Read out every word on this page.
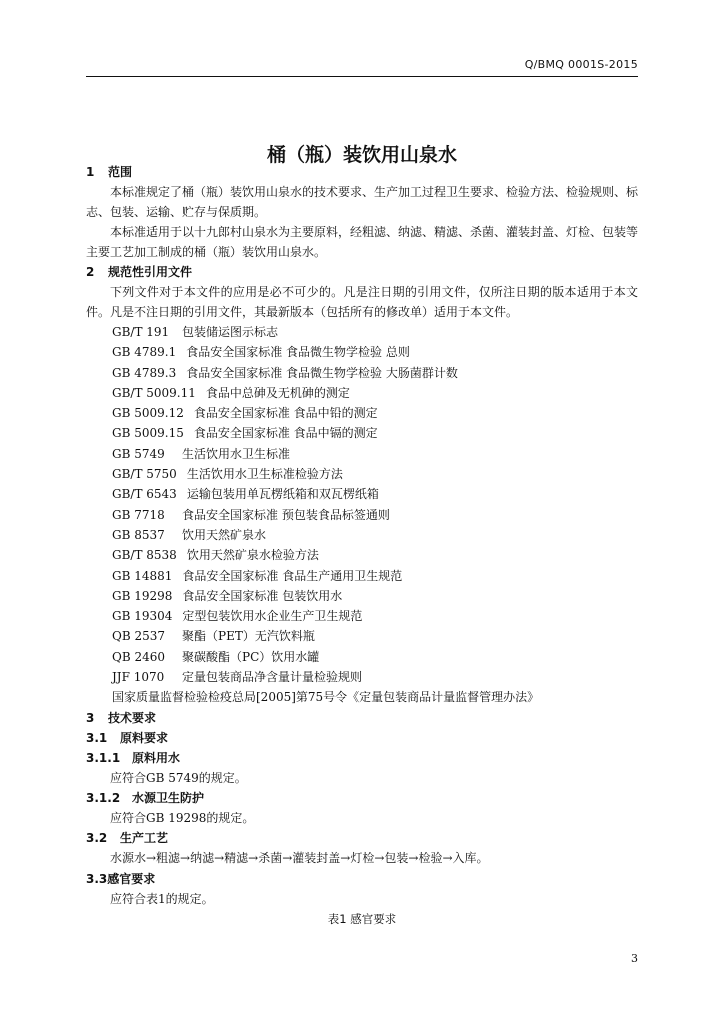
Q/BMQ 0001S-2015
桶（瓶）装饮用山泉水
1 范围
本标准规定了桶（瓶）装饮用山泉水的技术要求、生产加工过程卫生要求、检验方法、检验规则、标志、包装、运输、贮存与保质期。
本标准适用于以十九郎村山泉水为主要原料，经粗滤、纳滤、精滤、杀菌、灌装封盖、灯检、包装等主要工艺加工制成的桶（瓶）装饮用山泉水。
2 规范性引用文件
下列文件对于本文件的应用是必不可少的。凡是注日期的引用文件，仅所注日期的版本适用于本文件。凡是不注日期的引用文件，其最新版本（包括所有的修改单）适用于本文件。
GB/T 191 包装储运图示标志
GB 4789.1 食品安全国家标准 食品微生物学检验 总则
GB 4789.3 食品安全国家标准 食品微生物学检验 大肠菌群计数
GB/T 5009.11 食品中总砷及无机砷的测定
GB 5009.12 食品安全国家标准 食品中铅的测定
GB 5009.15 食品安全国家标准 食品中镉的测定
GB 5749 生活饮用水卫生标准
GB/T 5750 生活饮用水卫生标准检验方法
GB/T 6543 运输包装用单瓦楞纸箱和双瓦楞纸箱
GB 7718 食品安全国家标准 预包装食品标签通则
GB 8537 饮用天然矿泉水
GB/T 8538 饮用天然矿泉水检验方法
GB 14881 食品安全国家标准 食品生产通用卫生规范
GB 19298 食品安全国家标准 包装饮用水
GB 19304 定型包装饮用水企业生产卫生规范
QB 2537 聚酯（PET）无汽饮料瓶
QB 2460 聚碳酸酯（PC）饮用水罐
JJF 1070 定量包装商品净含量计量检验规则
国家质量监督检验检疫总局[2005]第75号令《定量包装商品计量监督管理办法》
3 技术要求
3.1 原料要求
3.1.1 原料用水
应符合GB 5749的规定。
3.1.2 水源卫生防护
应符合GB 19298的规定。
3.2 生产工艺
水源水→粗滤→纳滤→精滤→杀菌→灌装封盖→灯检→包装→检验→入库。
3.3感官要求
应符合表1的规定。
表1 感官要求
3
